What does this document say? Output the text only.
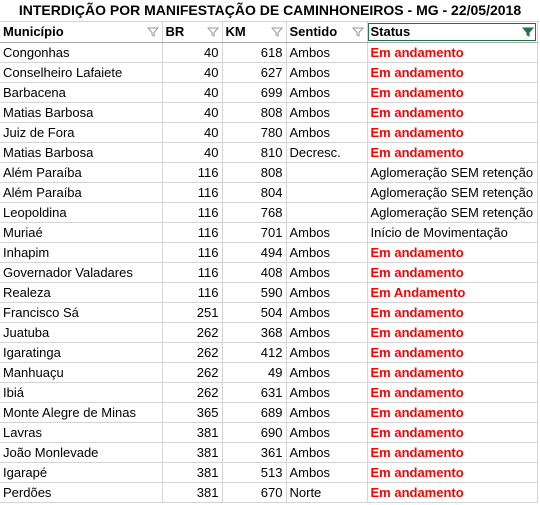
INTERDIÇÃO POR MANIFESTAÇÃO DE CAMINHONEIROS - MG - 22/05/2018
Município	BR	KM	Sentido	Status

Congonhas	40	618	Ambos	Em andamento
Conselheiro Lafaiete	40	627	Ambos	Em andamento
Barbacena	40	699	Ambos	Em andamento
Matias Barbosa	40	808	Ambos	Em andamento
Juiz de Fora	40	780	Ambos	Em andamento
Matias Barbosa	40	810	Decresc.	Em andamento
Além Paraíba	116	808		Aglomeração SEM retenção
Além Paraíba	116	804		Aglomeração SEM retenção
Leopoldina	116	768		Aglomeração SEM retenção
Muriaé	116	701	Ambos	Início de Movimentação
Inhapim	116	494	Ambos	Em andamento
Governador Valadares	116	408	Ambos	Em andamento
Realeza	116	590	Ambos	Em Andamento
Francisco Sá	251	504	Ambos	Em andamento
Juatuba	262	368	Ambos	Em andamento
Igaratinga	262	412	Ambos	Em andamento
Manhuaçu	262	49	Ambos	Em andamento
Ibiá	262	631	Ambos	Em andamento
Monte Alegre de Minas	365	689	Ambos	Em andamento
Lavras	381	690	Ambos	Em andamento
João Monlevade	381	361	Ambos	Em andamento
Igarapé	381	513	Ambos	Em andamento
Perdões	381	670	Norte	Em andamento
